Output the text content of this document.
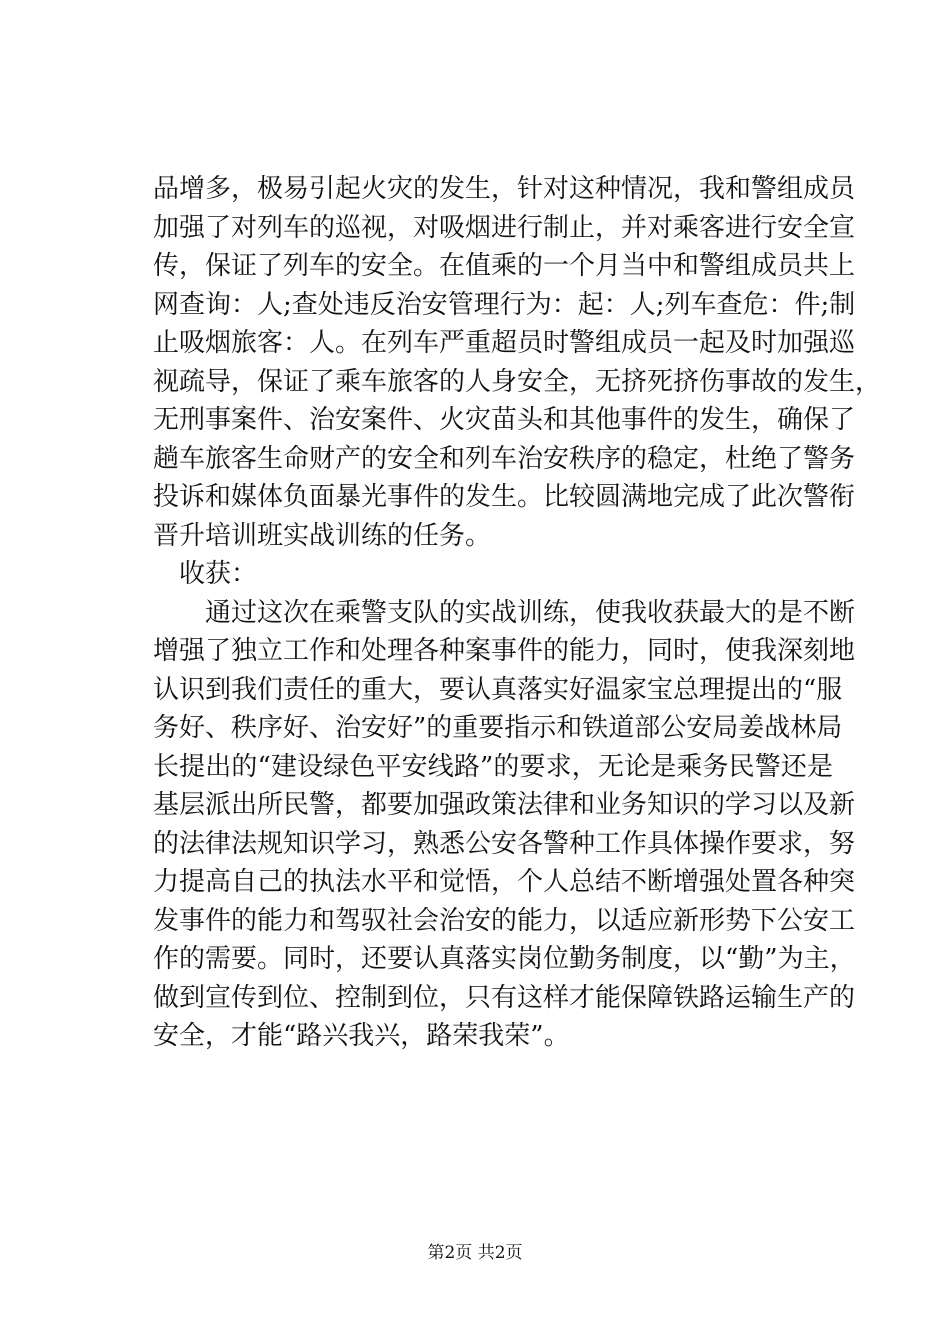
品增多，极易引起火灾的发生，针对这种情况，我和警组成员
加强了对列车的巡视，对吸烟进行制止，并对乘客进行安全宣
传，保证了列车的安全。在值乘的一个月当中和警组成员共上
网查询：人;查处违反治安管理行为：起：人;列车查危：件;制
止吸烟旅客：人。在列车严重超员时警组成员一起及时加强巡
视疏导，保证了乘车旅客的人身安全，无挤死挤伤事故的发生，
无刑事案件、治安案件、火灾苗头和其他事件的发生，确保了
趟车旅客生命财产的安全和列车治安秩序的稳定，杜绝了警务
投诉和媒体负面暴光事件的发生。比较圆满地完成了此次警衔
晋升培训班实战训练的任务。
收获：
　　通过这次在乘警支队的实战训练，使我收获最大的是不断
增强了独立工作和处理各种案事件的能力，同时，使我深刻地
认识到我们责任的重大，要认真落实好温家宝总理提出的“服
务好、秩序好、治安好”的重要指示和铁道部公安局姜战林局
长提出的“建设绿色平安线路”的要求，无论是乘务民警还是
基层派出所民警，都要加强政策法律和业务知识的学习以及新
的法律法规知识学习，熟悉公安各警种工作具体操作要求，努
力提高自己的执法水平和觉悟，个人总结不断增强处置各种突
发事件的能力和驾驭社会治安的能力，以适应新形势下公安工
作的需要。同时，还要认真落实岗位勤务制度，以“勤”为主，
做到宣传到位、控制到位，只有这样才能保障铁路运输生产的
安全，才能“路兴我兴，路荣我荣”。
第2页 共2页
